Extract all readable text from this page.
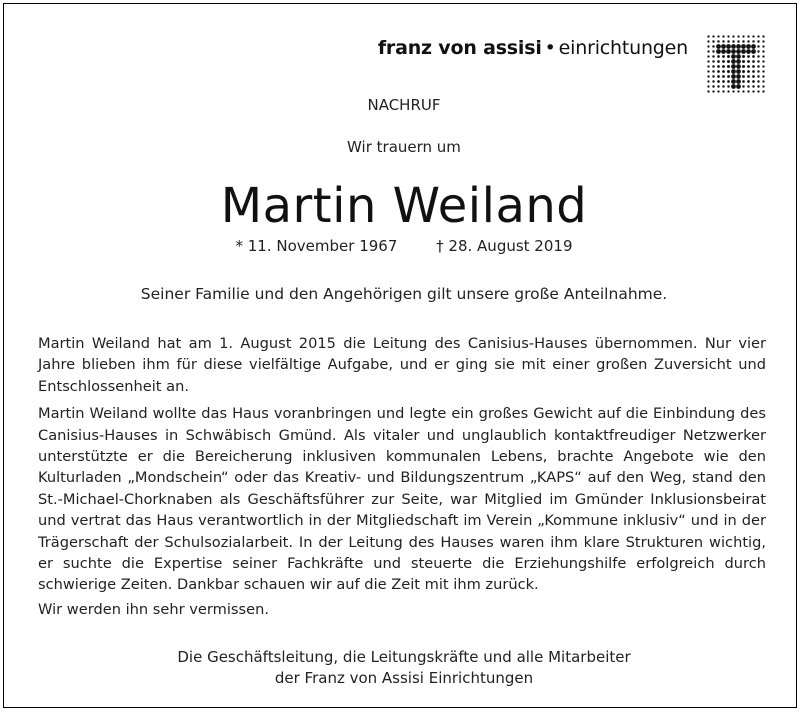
franz von assisi • einrichtungen
NACHRUF
Wir trauern um
Martin Weiland
* 11. November 1967	† 28. August 2019
Seiner Familie und den Angehörigen gilt unsere große Anteilnahme.

Martin Weiland hat am 1. August 2015 die Leitung des Canisius-Hauses übernommen. Nur vier Jahre blieben ihm für diese vielfältige Aufgabe, und er ging sie mit einer großen Zuversicht und Entschlossenheit an.

Martin Weiland wollte das Haus voranbringen und legte ein großes Gewicht auf die Einbindung des Canisius-Hauses in Schwäbisch Gmünd. Als vitaler und unglaublich kontaktfreudiger Netzwerker unterstützte er die Bereicherung inklusiven kommunalen Lebens, brachte Angebote wie den Kulturladen „Mondschein“ oder das Kreativ- und Bildungszentrum „KAPS“ auf den Weg, stand den St.-Michael-Chorknaben als Geschäftsführer zur Seite, war Mitglied im Gmünder Inklusionsbeirat und vertrat das Haus verantwortlich in der Mitgliedschaft im Verein „Kommune inklusiv“ und in der Trägerschaft der Schulsozialarbeit. In der Leitung des Hauses waren ihm klare Strukturen wichtig, er suchte die Expertise seiner Fachkräfte und steuerte die Erziehungshilfe erfolgreich durch schwierige Zeiten. Dankbar schauen wir auf die Zeit mit ihm zurück.

Wir werden ihn sehr vermissen.
Die Geschäftsleitung, die Leitungskräfte und alle Mitarbeiter
der Franz von Assisi Einrichtungen
